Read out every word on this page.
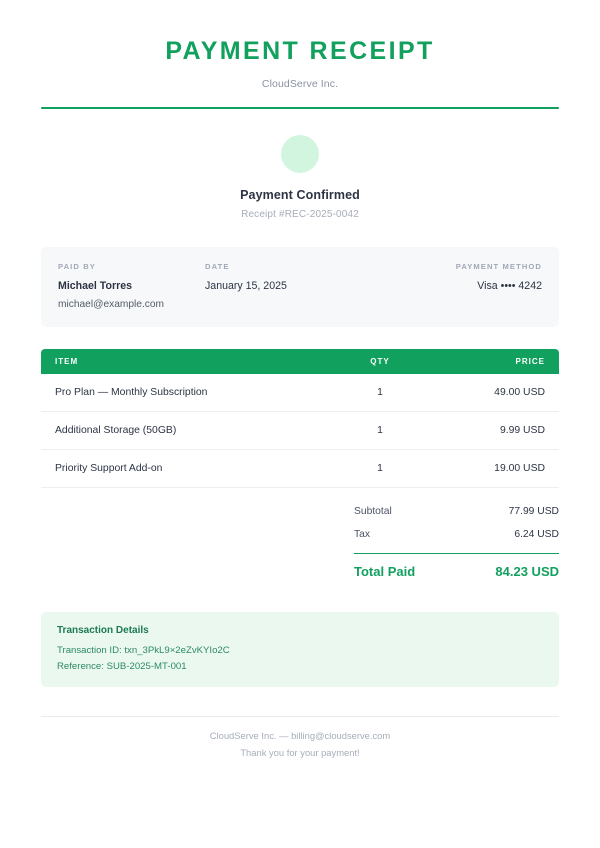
PAYMENT RECEIPT
CloudServe Inc.
Payment Confirmed
Receipt #REC-2025-0042
PAID BY
Michael Torres
michael@example.com
DATE
January 15, 2025
PAYMENT METHOD
Visa •••• 4242
ITEM	QTY	PRICE
Pro Plan — Monthly Subscription	1	49.00 USD
Additional Storage (50GB)	1	9.99 USD
Priority Support Add-on	1	19.00 USD
Subtotal	77.99 USD
Tax	6.24 USD
Total Paid	84.23 USD
Transaction Details
Transaction ID: txn_3PkL9×2eZvKYIo2C
Reference: SUB-2025-MT-001
CloudServe Inc. — billing@cloudserve.com
Thank you for your payment!
